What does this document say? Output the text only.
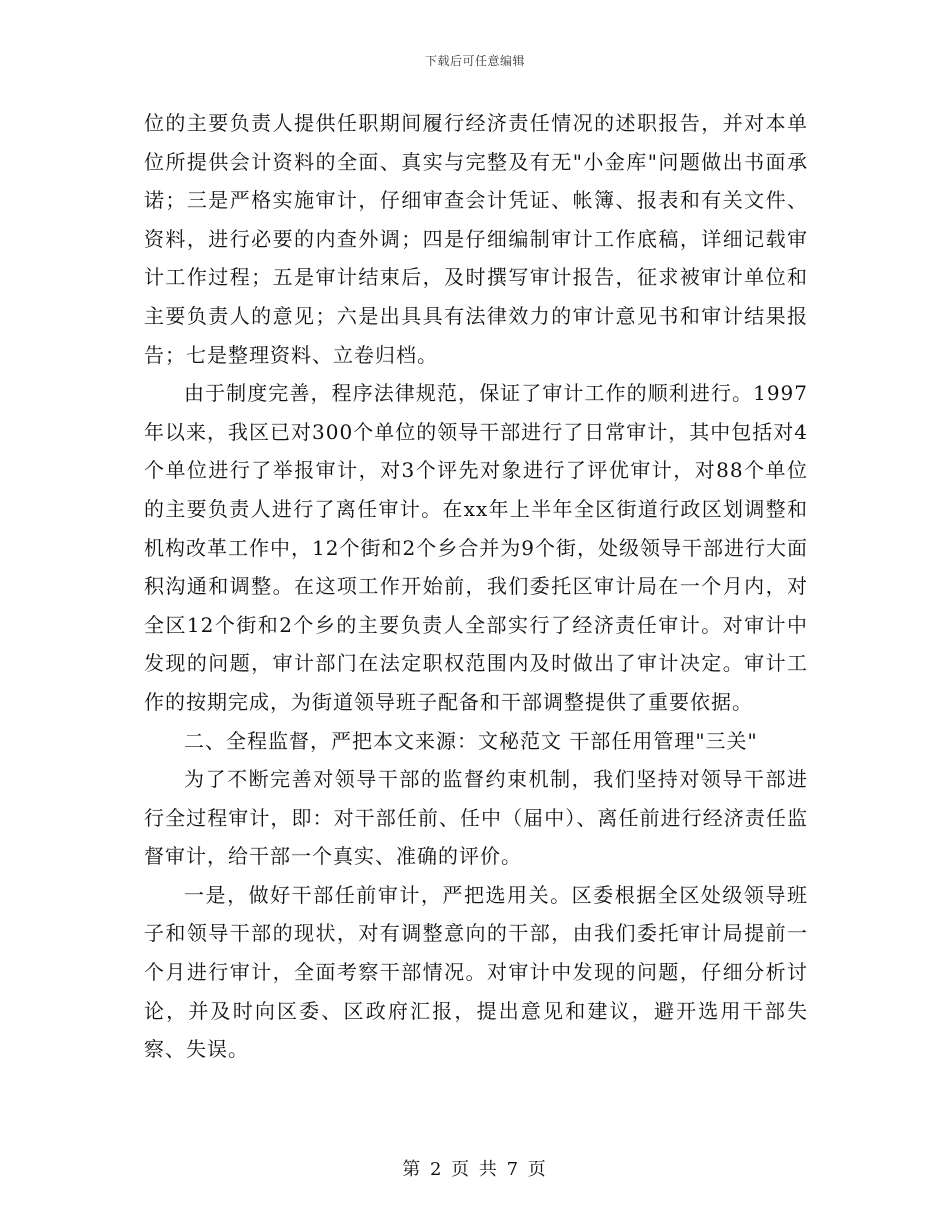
下载后可任意编辑

位的主要负责人提供任职期间履行经济责任情况的述职报告，并对本单位所提供会计资料的全面、真实与完整及有无"小金库"问题做出书面承诺；三是严格实施审计，仔细审查会计凭证、帐簿、报表和有关文件、资料，进行必要的内查外调；四是仔细编制审计工作底稿，详细记载审计工作过程；五是审计结束后，及时撰写审计报告，征求被审计单位和主要负责人的意见；六是出具具有法律效力的审计意见书和审计结果报告；七是整理资料、立卷归档。

由于制度完善，程序法律规范，保证了审计工作的顺利进行。1997年以来，我区已对300个单位的领导干部进行了日常审计，其中包括对4个单位进行了举报审计，对3个评先对象进行了评优审计，对88个单位的主要负责人进行了离任审计。在xx年上半年全区街道行政区划调整和机构改革工作中，12个街和2个乡合并为9个街，处级领导干部进行大面积沟通和调整。在这项工作开始前，我们委托区审计局在一个月内，对全区12个街和2个乡的主要负责人全部实行了经济责任审计。对审计中发现的问题，审计部门在法定职权范围内及时做出了审计决定。审计工作的按期完成，为街道领导班子配备和干部调整提供了重要依据。

二、全程监督，严把本文来源：文秘范文 干部任用管理"三关"

为了不断完善对领导干部的监督约束机制，我们坚持对领导干部进行全过程审计，即：对干部任前、任中（届中）、离任前进行经济责任监督审计，给干部一个真实、准确的评价。

一是，做好干部任前审计，严把选用关。区委根据全区处级领导班子和领导干部的现状，对有调整意向的干部，由我们委托审计局提前一个月进行审计，全面考察干部情况。对审计中发现的问题，仔细分析讨论，并及时向区委、区政府汇报，提出意见和建议，避开选用干部失察、失误。

第 2 页 共 7 页
